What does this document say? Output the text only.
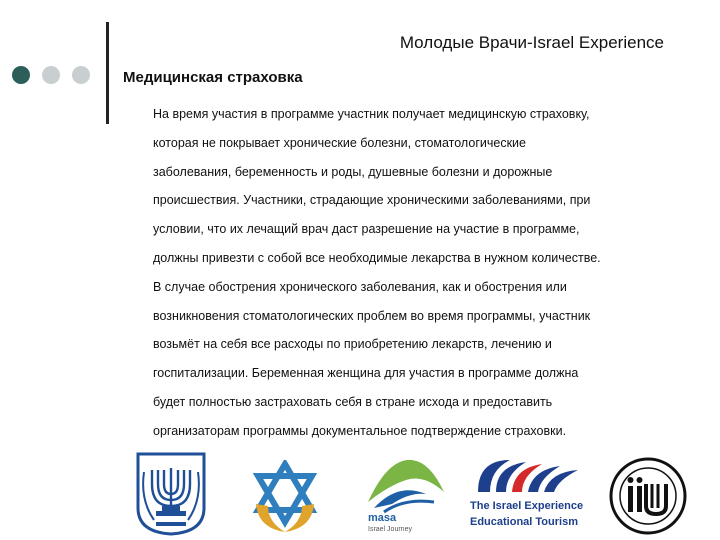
Молодые Врачи-Israel Experience
Медицинская страховка
На время участия в программе участник получает медицинскую страховку,
которая не покрывает хронические болезни, стоматологические
заболевания, беременность и роды, душевные болезни и дорожные
происшествия. Участники, страдающие хроническими заболеваниями, при
условии, что их лечащий врач даст разрешение на участие в программе,
должны привезти с собой все необходимые лекарства в нужном количестве.
В случае обострения хронического заболевания, как и обострения или
возникновения стоматологических проблем во время программы, участник
возьмёт на себя все расходы по приобретению лекарств, лечению и
госпитализации. Беременная женщина для участия в программе должна
будет полностью застраховать себя в стране исхода и предоставить
организаторам программы документальное подтверждение страховки.
masa
Israel Journey
The Israel Experience
Educational Tourism
